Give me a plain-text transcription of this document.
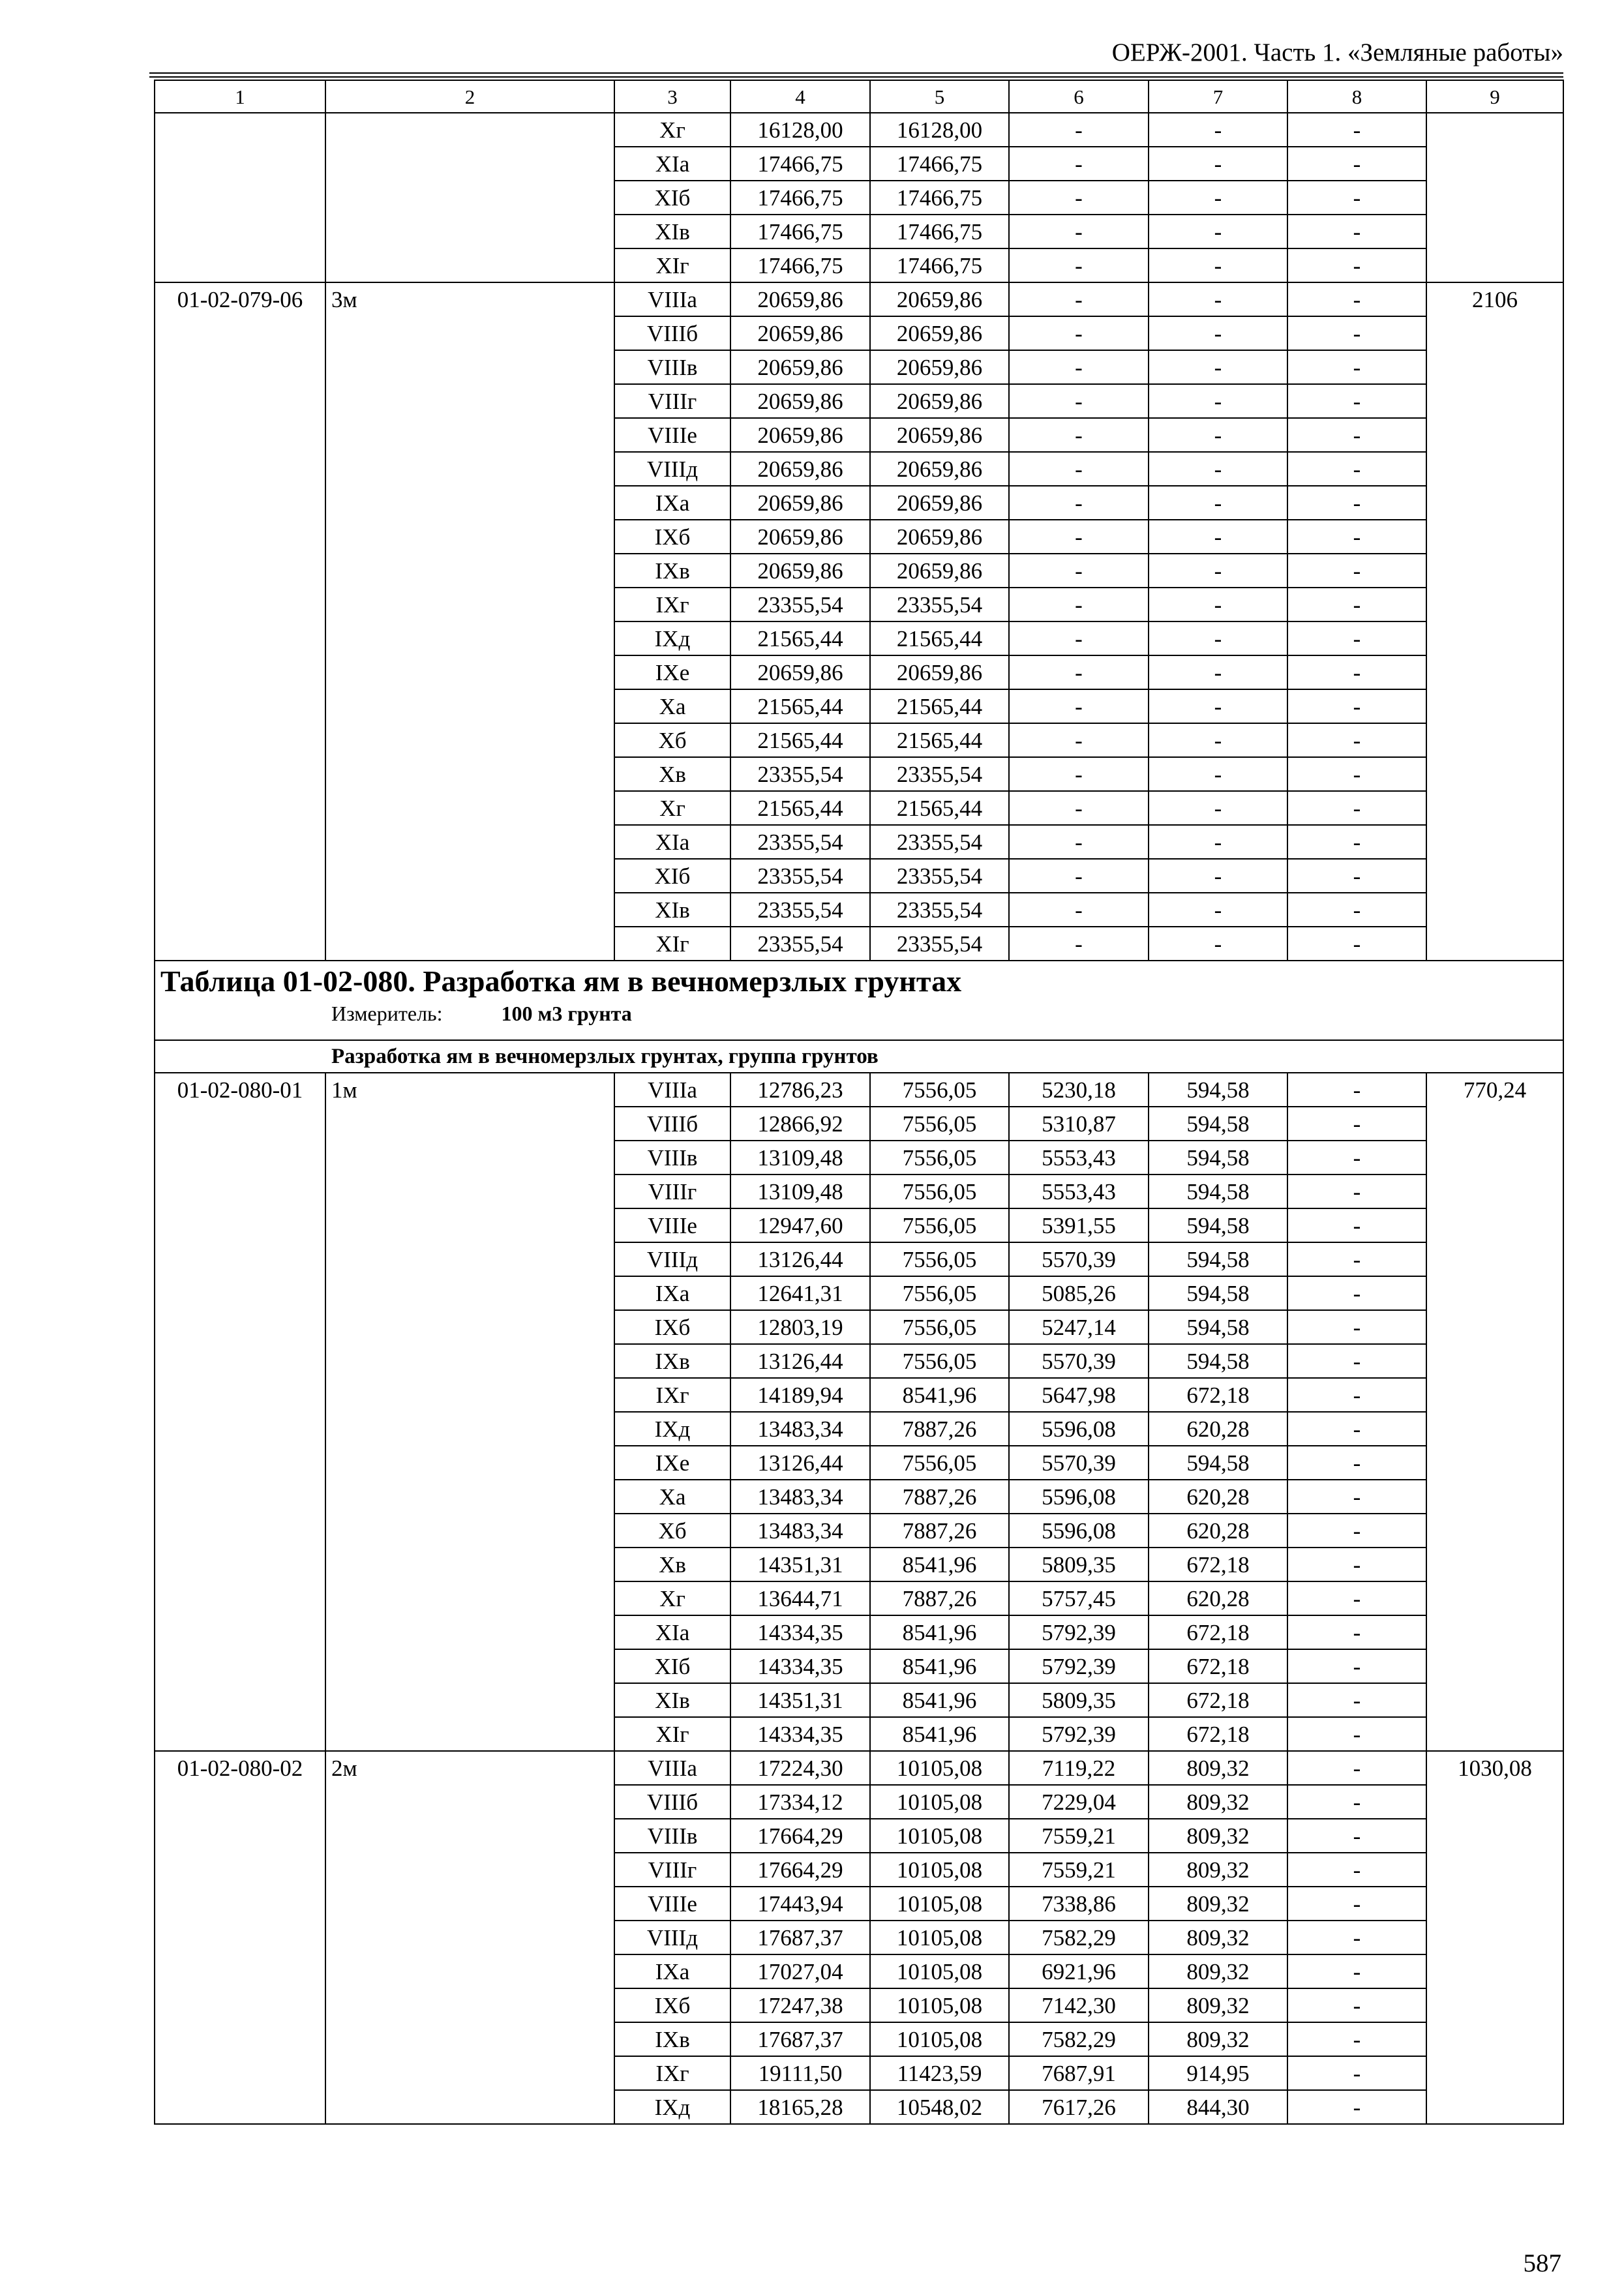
ОЕРЖ-2001. Часть 1. «Земляные работы»
1	2	3	4	5	6	7	8	9
		Xг	16128,00	16128,00	-	-	-	
		XIа	17466,75	17466,75	-	-	-	
		XIб	17466,75	17466,75	-	-	-	
		XIв	17466,75	17466,75	-	-	-	
		XIг	17466,75	17466,75	-	-	-	
01-02-079-06	3м	VIIIа	20659,86	20659,86	-	-	-	2106
		VIIIб	20659,86	20659,86	-	-	-	
		VIIIв	20659,86	20659,86	-	-	-	
		VIIIг	20659,86	20659,86	-	-	-	
		VIIIе	20659,86	20659,86	-	-	-	
		VIIIд	20659,86	20659,86	-	-	-	
		IXа	20659,86	20659,86	-	-	-	
		IXб	20659,86	20659,86	-	-	-	
		IXв	20659,86	20659,86	-	-	-	
		IXг	23355,54	23355,54	-	-	-	
		IXд	21565,44	21565,44	-	-	-	
		IXе	20659,86	20659,86	-	-	-	
		Xа	21565,44	21565,44	-	-	-	
		Xб	21565,44	21565,44	-	-	-	
		Xв	23355,54	23355,54	-	-	-	
		Xг	21565,44	21565,44	-	-	-	
		XIа	23355,54	23355,54	-	-	-	
		XIб	23355,54	23355,54	-	-	-	
		XIв	23355,54	23355,54	-	-	-	
		XIг	23355,54	23355,54	-	-	-	

Таблица 01-02-080. Разработка ям в вечномерзлых грунтах
Измеритель: 100 м3 грунта								

Разработка ям в вечномерзлых грунтах, группа грунтов								
01-02-080-01	1м	VIIIа	12786,23	7556,05	5230,18	594,58	-	770,24
		VIIIб	12866,92	7556,05	5310,87	594,58	-	
		VIIIв	13109,48	7556,05	5553,43	594,58	-	
		VIIIг	13109,48	7556,05	5553,43	594,58	-	
		VIIIе	12947,60	7556,05	5391,55	594,58	-	
		VIIIд	13126,44	7556,05	5570,39	594,58	-	
		IXа	12641,31	7556,05	5085,26	594,58	-	
		IXб	12803,19	7556,05	5247,14	594,58	-	
		IXв	13126,44	7556,05	5570,39	594,58	-	
		IXг	14189,94	8541,96	5647,98	672,18	-	
		IXд	13483,34	7887,26	5596,08	620,28	-	
		IXе	13126,44	7556,05	5570,39	594,58	-	
		Xа	13483,34	7887,26	5596,08	620,28	-	
		Xб	13483,34	7887,26	5596,08	620,28	-	
		Xв	14351,31	8541,96	5809,35	672,18	-	
		Xг	13644,71	7887,26	5757,45	620,28	-	
		XIа	14334,35	8541,96	5792,39	672,18	-	
		XIб	14334,35	8541,96	5792,39	672,18	-	
		XIв	14351,31	8541,96	5809,35	672,18	-	
		XIг	14334,35	8541,96	5792,39	672,18	-	
01-02-080-02	2м	VIIIа	17224,30	10105,08	7119,22	809,32	-	1030,08
		VIIIб	17334,12	10105,08	7229,04	809,32	-	
		VIIIв	17664,29	10105,08	7559,21	809,32	-	
		VIIIг	17664,29	10105,08	7559,21	809,32	-	
		VIIIе	17443,94	10105,08	7338,86	809,32	-	
		VIIIд	17687,37	10105,08	7582,29	809,32	-	
		IXа	17027,04	10105,08	6921,96	809,32	-	
		IXб	17247,38	10105,08	7142,30	809,32	-	
		IXв	17687,37	10105,08	7582,29	809,32	-	
		IXг	19111,50	11423,59	7687,91	914,95	-	
		IXд	18165,28	10548,02	7617,26	844,30	-	
587
